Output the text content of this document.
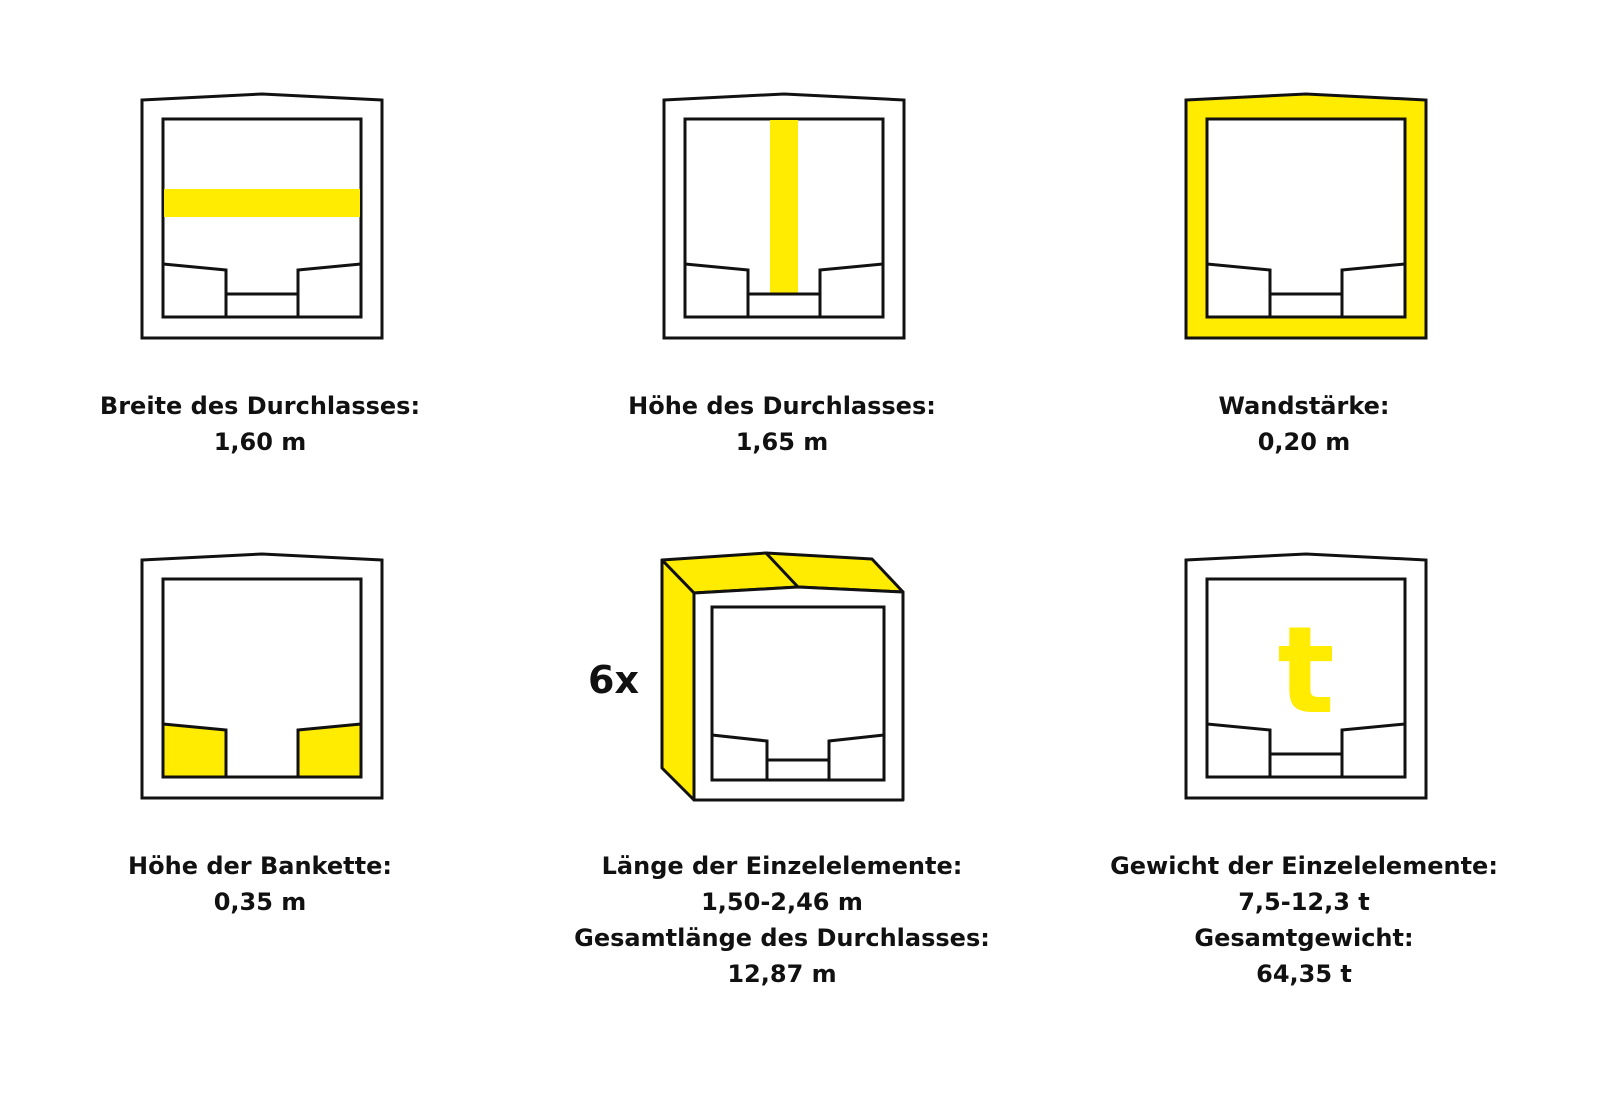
Breite des Durchlasses:
1,60 m
Höhe des Durchlasses:
1,65 m
Wandstärke:
0,20 m
Höhe der Bankette:
0,35 m
6x
Länge der Einzelelemente:
1,50-2,46 m
Gesamtlänge des Durchlasses:
12,87 m
t
Gewicht der Einzelelemente:
7,5-12,3 t
Gesamtgewicht:
64,35 t
